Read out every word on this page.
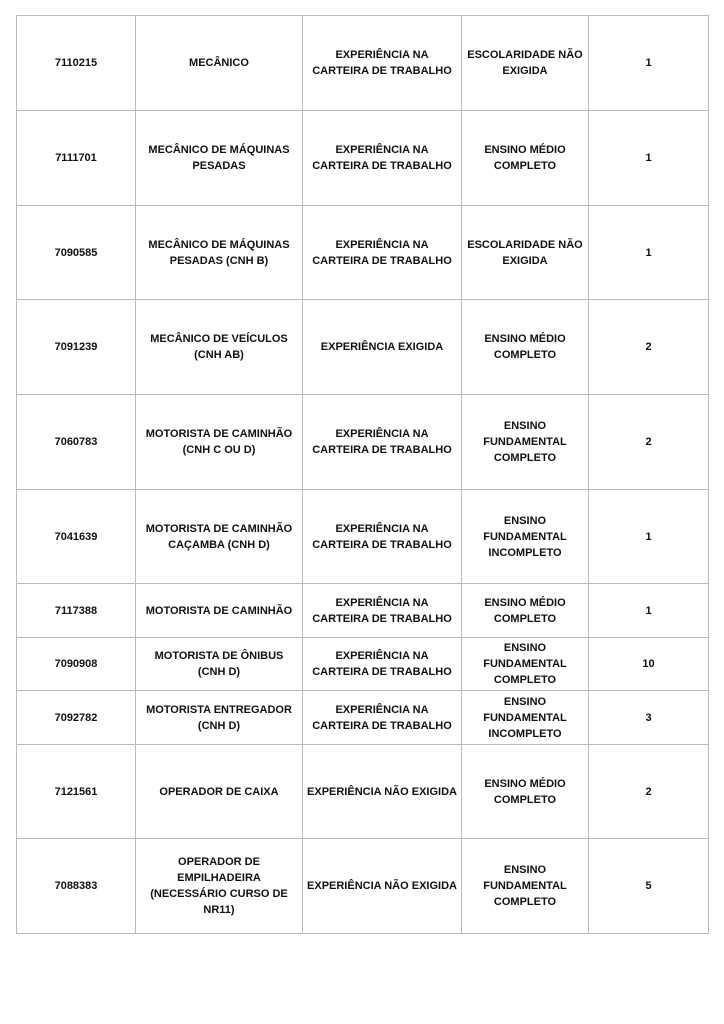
7110215	MECÂNICO	EXPERIÊNCIA NA CARTEIRA DE TRABALHO	ESCOLARIDADE NÃO EXIGIDA	1
7111701	MECÂNICO DE MÁQUINAS PESADAS	EXPERIÊNCIA NA CARTEIRA DE TRABALHO	ENSINO MÉDIO COMPLETO	1
7090585	MECÂNICO DE MÁQUINAS PESADAS (CNH B)	EXPERIÊNCIA NA CARTEIRA DE TRABALHO	ESCOLARIDADE NÃO EXIGIDA	1
7091239	MECÂNICO DE VEÍCULOS (CNH AB)	EXPERIÊNCIA EXIGIDA	ENSINO MÉDIO COMPLETO	2
7060783	MOTORISTA DE CAMINHÃO (CNH C OU D)	EXPERIÊNCIA NA CARTEIRA DE TRABALHO	ENSINO FUNDAMENTAL COMPLETO	2
7041639	MOTORISTA DE CAMINHÃO CAÇAMBA (CNH D)	EXPERIÊNCIA NA CARTEIRA DE TRABALHO	ENSINO FUNDAMENTAL INCOMPLETO	1
7117388	MOTORISTA DE CAMINHÃO	EXPERIÊNCIA NA CARTEIRA DE TRABALHO	ENSINO MÉDIO COMPLETO	1
7090908	MOTORISTA DE ÔNIBUS (CNH D)	EXPERIÊNCIA NA CARTEIRA DE TRABALHO	ENSINO FUNDAMENTAL COMPLETO	10
7092782	MOTORISTA ENTREGADOR (CNH D)	EXPERIÊNCIA NA CARTEIRA DE TRABALHO	ENSINO FUNDAMENTAL INCOMPLETO	3
7121561	OPERADOR DE CAIXA	EXPERIÊNCIA NÃO EXIGIDA	ENSINO MÉDIO COMPLETO	2
7088383	OPERADOR DE EMPILHADEIRA (NECESSÁRIO CURSO DE NR11)	EXPERIÊNCIA NÃO EXIGIDA	ENSINO FUNDAMENTAL COMPLETO	5
